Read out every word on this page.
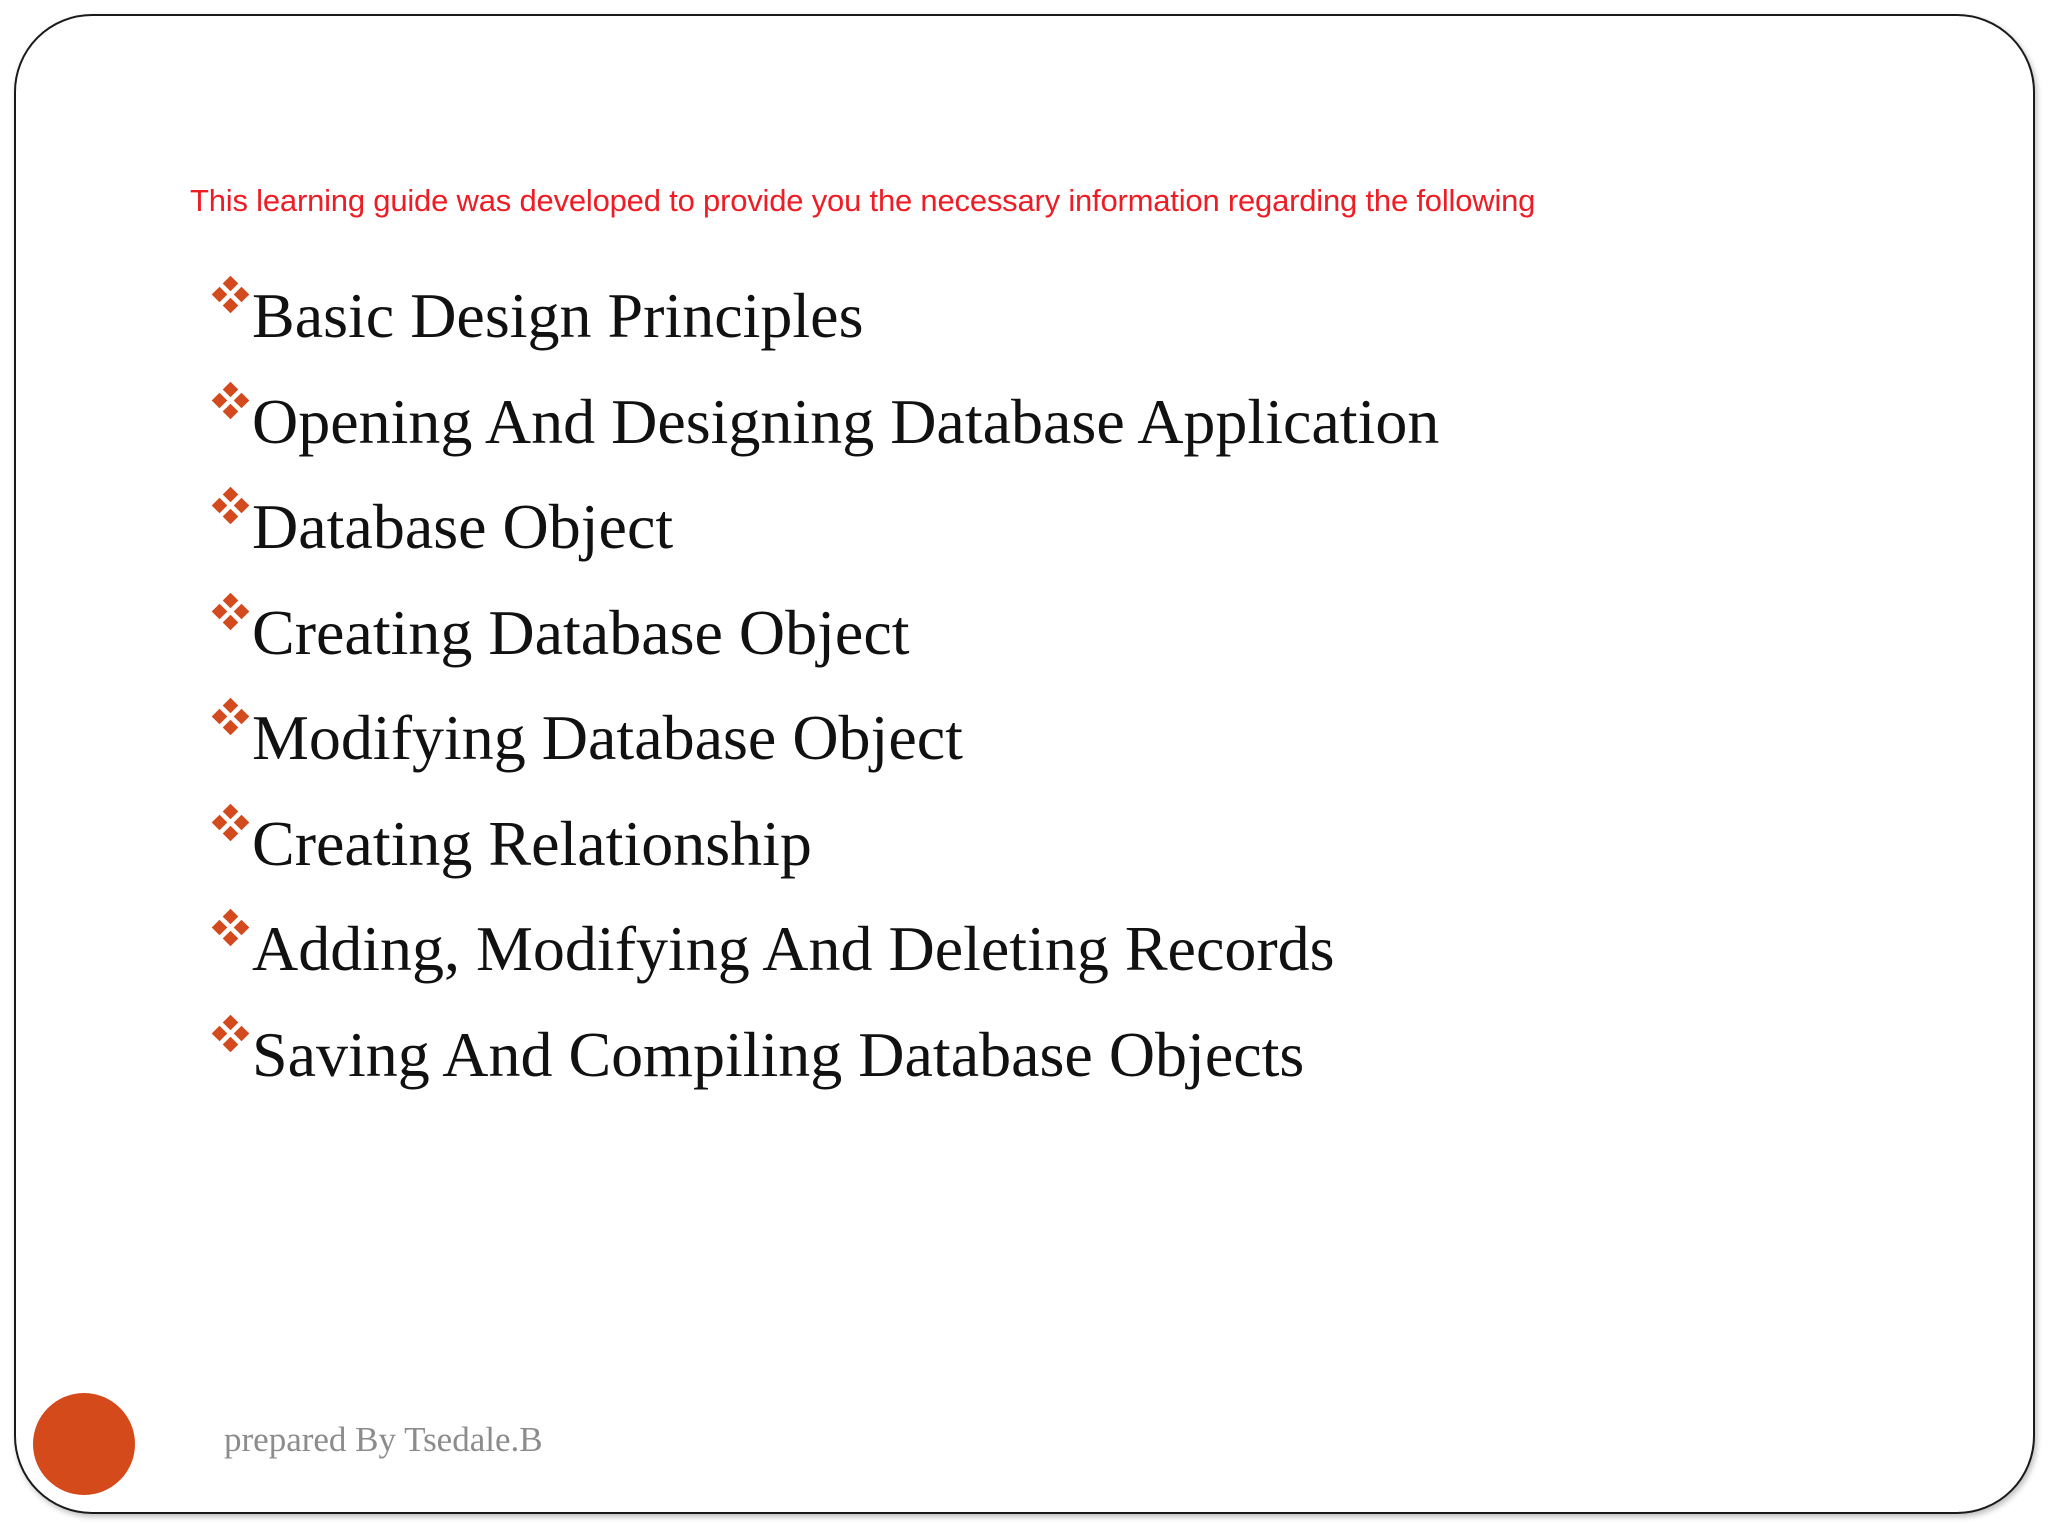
This learning guide was developed to provide you the necessary information regarding the following
Basic Design Principles
Opening And Designing Database Application
Database Object
Creating Database Object
Modifying Database Object
Creating Relationship
Adding, Modifying And Deleting Records
Saving And Compiling Database Objects
prepared By Tsedale.B
